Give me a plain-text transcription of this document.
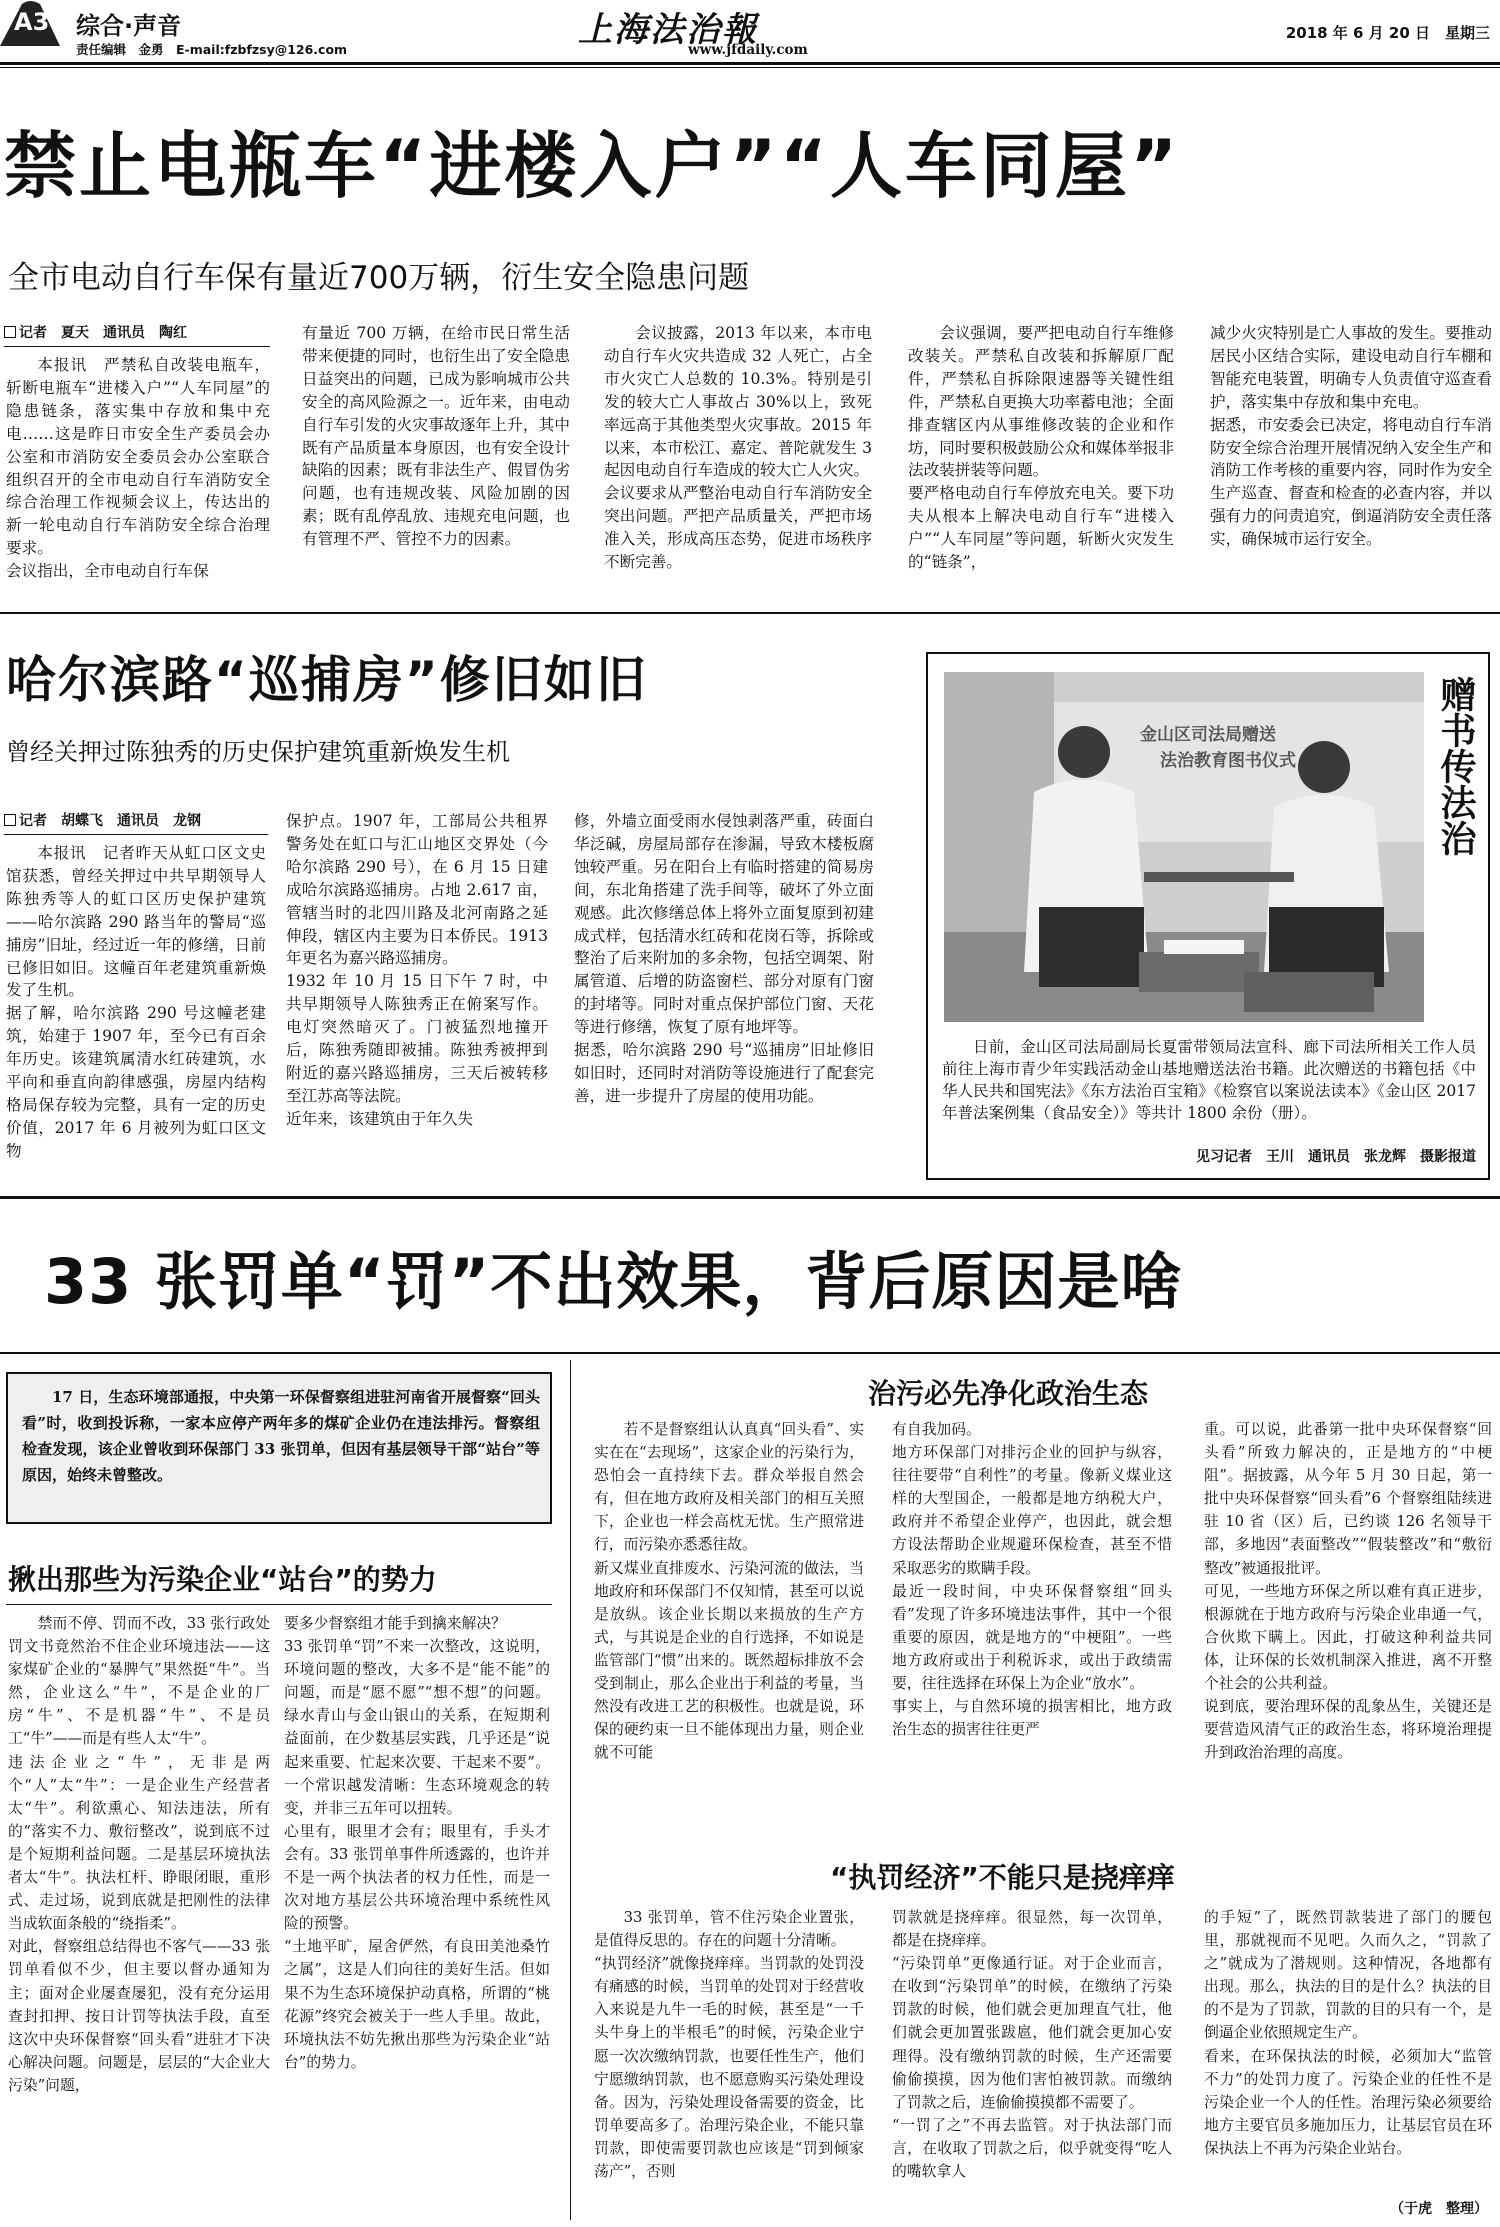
A3 综合·声音
责任编辑　金勇　E-mail:fzbfzsy@126.com	上海法治報
www.jfdaily.com
2018 年 6 月 20 日　星期三
禁止电瓶车“进楼入户”“人车同屋”
全市电动自行车保有量近700万辆，衍生安全隐患问题
记者　夏天　通讯员　陶红

本报讯　严禁私自改装电瓶车，斩断电瓶车“进楼入户”“人车同屋”的隐患链条，落实集中存放和集中充电……这是昨日市安全生产委员会办公室和市消防安全委员会办公室联合组织召开的全市电动自行车消防安全综合治理工作视频会议上，传达出的新一轮电动自行车消防安全综合治理要求。
会议指出，全市电动自行车保

有量近 700 万辆，在给市民日常生活带来便捷的同时，也衍生出了安全隐患日益突出的问题，已成为影响城市公共安全的高风险源之一。近年来，由电动自行车引发的火灾事故逐年上升，其中既有产品质量本身原因，也有安全设计缺陷的因素；既有非法生产、假冒伪劣问题，也有违规改装、风险加剧的因素；既有乱停乱放、违规充电问题，也有管理不严、管控不力的因素。

会议披露，2013 年以来，本市电动自行车火灾共造成 32 人死亡，占全市火灾亡人总数的 10.3%。特别是引发的较大亡人事故占 30%以上，致死率远高于其他类型火灾事故。2015 年以来，本市松江、嘉定、普陀就发生 3 起因电动自行车造成的较大亡人火灾。
会议要求从严整治电动自行车消防安全突出问题。严把产品质量关，严把市场准入关，形成高压态势，促进市场秩序不断完善。

会议强调，要严把电动自行车维修改装关。严禁私自改装和拆解原厂配件，严禁私自拆除限速器等关键性组件，严禁私自更换大功率蓄电池；全面排查辖区内从事维修改装的企业和作坊，同时要积极鼓励公众和媒体举报非法改装拼装等问题。
要严格电动自行车停放充电关。要下功夫从根本上解决电动自行车“进楼入户”“人车同屋”等问题，斩断火灾发生的“链条”，

减少火灾特别是亡人事故的发生。要推动居民小区结合实际，建设电动自行车棚和智能充电装置，明确专人负责值守巡查看护，落实集中存放和集中充电。
据悉，市安委会已决定，将电动自行车消防安全综合治理开展情况纳入安全生产和消防工作考核的重要内容，同时作为安全生产巡查、督查和检查的必查内容，并以强有力的问责追究，倒逼消防安全责任落实，确保城市运行安全。

哈尔滨路“巡捕房”修旧如旧
曾经关押过陈独秀的历史保护建筑重新焕发生机
记者　胡蝶飞　通讯员　龙钢

本报讯　记者昨天从虹口区文史馆获悉，曾经关押过中共早期领导人陈独秀等人的虹口区历史保护建筑——哈尔滨路 290 路当年的警局“巡捕房”旧址，经过近一年的修缮，日前已修旧如旧。这幢百年老建筑重新焕发了生机。
据了解，哈尔滨路 290 号这幢老建筑，始建于 1907 年，至今已有百余年历史。该建筑属清水红砖建筑，水平向和垂直向韵律感强，房屋内结构格局保存较为完整，具有一定的历史价值，2017 年 6 月被列为虹口区文物

保护点。1907 年，工部局公共租界警务处在虹口与汇山地区交界处（今哈尔滨路 290 号），在 6 月 15 日建成哈尔滨路巡捕房。占地 2.617 亩，管辖当时的北四川路及北河南路之延伸段，辖区内主要为日本侨民。1913 年更名为嘉兴路巡捕房。
1932 年 10 月 15 日下午 7 时，中共早期领导人陈独秀正在俯案写作。电灯突然暗灭了。门被猛烈地撞开后，陈独秀随即被捕。陈独秀被押到附近的嘉兴路巡捕房，三天后被转移至江苏高等法院。
近年来，该建筑由于年久失

修，外墙立面受雨水侵蚀剥落严重，砖面白华泛碱，房屋局部存在渗漏，导致木楼板腐蚀较严重。另在阳台上有临时搭建的简易房间，东北角搭建了洗手间等，破坏了外立面观感。此次修缮总体上将外立面复原到初建成式样，包括清水红砖和花岗石等，拆除或整治了后来附加的多余物，包括空调架、附属管道、后增的防盗窗栏、部分对原有门窗的封堵等。同时对重点保护部位门窗、天花等进行修缮，恢复了原有地坪等。
据悉，哈尔滨路 290 号“巡捕房”旧址修旧如旧时，还同时对消防等设施进行了配套完善，进一步提升了房屋的使用功能。

金山区司法局赠送
法治教育图书仪式	赠书传法治

日前，金山区司法局副局长夏雷带领局法宣科、廊下司法所相关工作人员前往上海市青少年实践活动金山基地赠送法治书籍。此次赠送的书籍包括《中华人民共和国宪法》《东方法治百宝箱》《检察官以案说法读本》《金山区 2017 年普法案例集（食品安全）》等共计 1800 余份（册）。

见习记者　王川　通讯员　张龙辉　摄影报道
33 张罚单“罚”不出效果，背后原因是啥

17 日，生态环境部通报，中央第一环保督察组进驻河南省开展督察“回头看”时，收到投诉称，一家本应停产两年多的煤矿企业仍在违法排污。督察组检查发现，该企业曾收到环保部门 33 张罚单，但因有基层领导干部“站台”等原因，始终未曾整改。

揪出那些为污染企业“站台”的势力

禁而不停、罚而不改，33 张行政处罚文书竟然治不住企业环境违法——这家煤矿企业的“暴脾气”果然挺“牛”。当然，企业这么“牛”，不是企业的厂房“牛”、不是机器“牛”、不是员工“牛”——而是有些人太“牛”。
违法企业之“牛”，无非是两个“人”太“牛”：一是企业生产经营者太“牛”。利欲熏心、知法违法，所有的“落实不力、敷衍整改”，说到底不过是个短期利益问题。二是基层环境执法者太“牛”。执法杠杆、睁眼闭眼，重形式、走过场，说到底就是把刚性的法律当成软面条般的“绕指柔”。
对此，督察组总结得也不客气——33 张罚单看似不少，但主要以督办通知为主；面对企业屡查屡犯，没有充分运用查封扣押、按日计罚等执法手段，直至这次中央环保督察“回头看”进驻才下决心解决问题。问题是，层层的“大企业大污染”问题，

要多少督察组才能手到擒来解决？
33 张罚单“罚”不来一次整改，这说明，环境问题的整改，大多不是“能不能”的问题，而是“愿不愿”“想不想”的问题。绿水青山与金山银山的关系，在短期利益面前，在少数基层实践，几乎还是“说起来重要、忙起来次要、干起来不要”。一个常识越发清晰：生态环境观念的转变，并非三五年可以扭转。
心里有，眼里才会有；眼里有，手头才会有。33 张罚单事件所透露的，也许并不是一两个执法者的权力任性，而是一次对地方基层公共环境治理中系统性风险的预警。
“土地平旷，屋舍俨然，有良田美池桑竹之属”，这是人们向往的美好生活。但如果不为生态环境保护动真格，所谓的“桃花源”终究会被关于一些人手里。故此，环境执法不妨先揪出那些为污染企业“站台”的势力。

治污必先净化政治生态

若不是督察组认认真真“回头看”、实实在在“去现场”，这家企业的污染行为，恐怕会一直持续下去。群众举报自然会有，但在地方政府及相关部门的相互关照下，企业也一样会高枕无忧。生产照常进行，而污染亦悉悉往故。
新又煤业直排废水、污染河流的做法，当地政府和环保部门不仅知情，甚至可以说是放纵。该企业长期以来损放的生产方式，与其说是企业的自行选择，不如说是监管部门“惯”出来的。既然超标排放不会受到制止，那么企业出于利益的考量，当然没有改进工艺的积极性。也就是说，环保的硬约束一旦不能体现出力量，则企业就不可能

有自我加码。
地方环保部门对排污企业的回护与纵容，往往要带“自利性”的考量。像新义煤业这样的大型国企，一般都是地方纳税大户，政府并不希望企业停产，也因此，就会想方设法帮助企业规避环保检查，甚至不惜采取恶劣的欺瞒手段。
最近一段时间，中央环保督察组“回头看”发现了许多环境违法事件，其中一个很重要的原因，就是地方的“中梗阻”。一些地方政府或出于利税诉求，或出于政绩需要，往往选择在环保上为企业“放水”。
事实上，与自然环境的损害相比，地方政治生态的损害往往更严

重。可以说，此番第一批中央环保督察“回头看”所致力解决的，正是地方的“中梗阻”。据披露，从今年 5 月 30 日起，第一批中央环保督察“回头看”6 个督察组陆续进驻 10 省（区）后，已约谈 126 名领导干部，多地因“表面整改”“假装整改”和“敷衍整改”被通报批评。
可见，一些地方环保之所以难有真正进步，根源就在于地方政府与污染企业串通一气，合伙欺下瞒上。因此，打破这种利益共同体，让环保的长效机制深入推进，离不开整个社会的公共利益。
说到底，要治理环保的乱象丛生，关键还是要营造风清气正的政治生态，将环境治理提升到政治治理的高度。

“执罚经济”不能只是挠痒痒

33 张罚单，管不住污染企业置张，是值得反思的。存在的问题十分清晰。
“执罚经济”就像挠痒痒。当罚款的处罚没有痛感的时候，当罚单的处罚对于经营收入来说是九牛一毛的时候，甚至是“一千头牛身上的半根毛”的时候，污染企业宁愿一次次缴纳罚款，也要任性生产，他们宁愿缴纳罚款，也不愿意购买污染处理设备。因为，污染处理设备需要的资金，比罚单要高多了。治理污染企业，不能只靠罚款，即使需要罚款也应该是“罚到倾家荡产”，否则

罚款就是挠痒痒。很显然，每一次罚单，都是在挠痒痒。
“污染罚单”更像通行证。对于企业而言，在收到“污染罚单”的时候，在缴纳了污染罚款的时候，他们就会更加理直气壮，他们就会更加置张跋扈，他们就会更加心安理得。没有缴纳罚款的时候，生产还需要偷偷摸摸，因为他们害怕被罚款。而缴纳了罚款之后，连偷偷摸摸都不需要了。
“一罚了之”不再去监管。对于执法部门而言，在收取了罚款之后，似乎就变得“吃人的嘴软拿人

的手短”了，既然罚款装进了部门的腰包里，那就视而不见吧。久而久之，“罚款了之”就成为了潜规则。这种情况，各地都有出现。那么，执法的目的是什么？执法的目的不是为了罚款，罚款的目的只有一个，是倒逼企业依照规定生产。
看来，在环保执法的时候，必须加大“监管不力”的处罚力度了。污染企业的任性不是污染企业一个人的任性。治理污染必须要给地方主要官员多施加压力，让基层官员在环保执法上不再为污染企业站台。

（于虎　整理）
